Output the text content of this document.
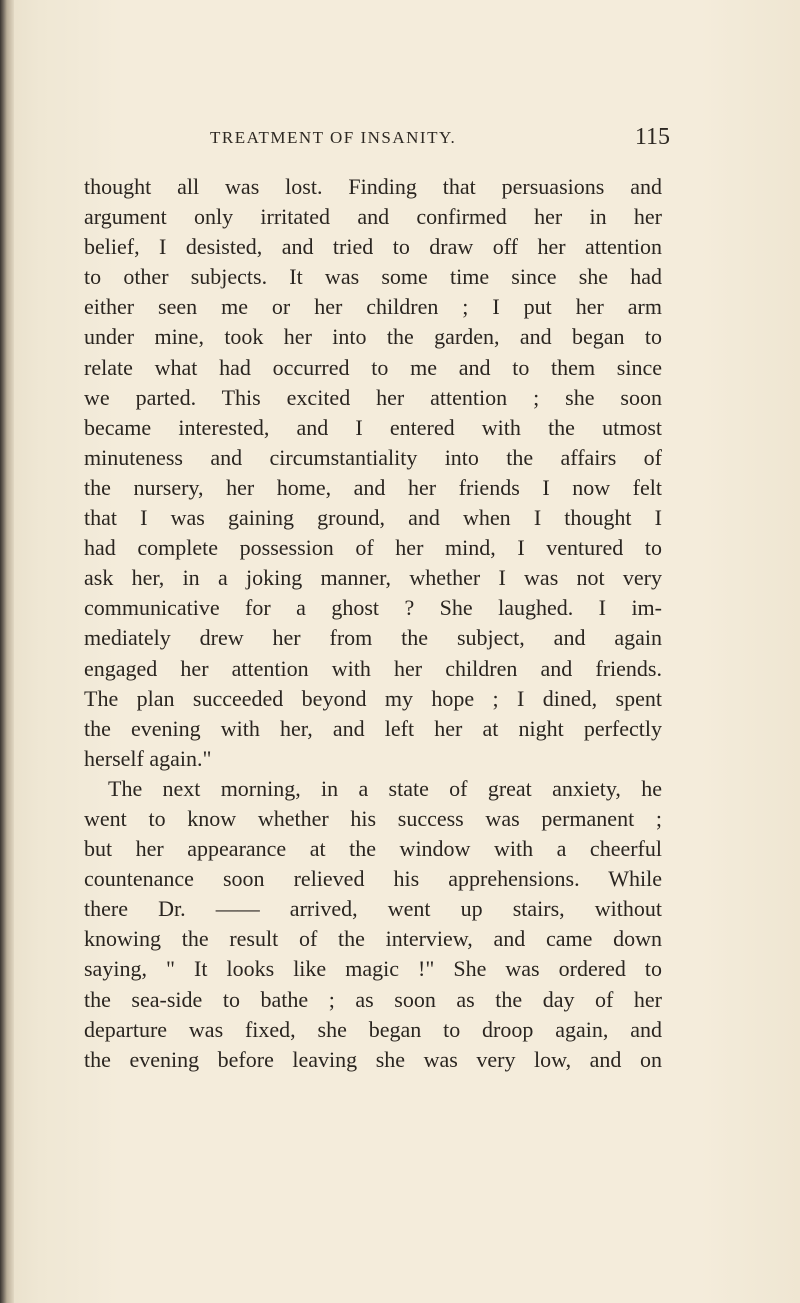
TREATMENT OF INSANITY.	115
thought all was lost. Finding that persuasions and
argument only irritated and confirmed her in her
belief, I desisted, and tried to draw off her attention
to other subjects. It was some time since she had
either seen me or her children ; I put her arm
under mine, took her into the garden, and began to
relate what had occurred to me and to them since
we parted. This excited her attention ; she soon
became interested, and I entered with the utmost
minuteness and circumstantiality into the affairs of
the nursery, her home, and her friends I now felt
that I was gaining ground, and when I thought I
had complete possession of her mind, I ventured to
ask her, in a joking manner, whether I was not very
communicative for a ghost ? She laughed. I im-
mediately drew her from the subject, and again
engaged her attention with her children and friends.
The plan succeeded beyond my hope ; I dined, spent
the evening with her, and left her at night perfectly
herself again."
The next morning, in a state of great anxiety, he
went to know whether his success was permanent ;
but her appearance at the window with a cheerful
countenance soon relieved his apprehensions. While
there Dr. —— arrived, went up stairs, without
knowing the result of the interview, and came down
saying, " It looks like magic !" She was ordered to
the sea-side to bathe ; as soon as the day of her
departure was fixed, she began to droop again, and
the evening before leaving she was very low, and on
